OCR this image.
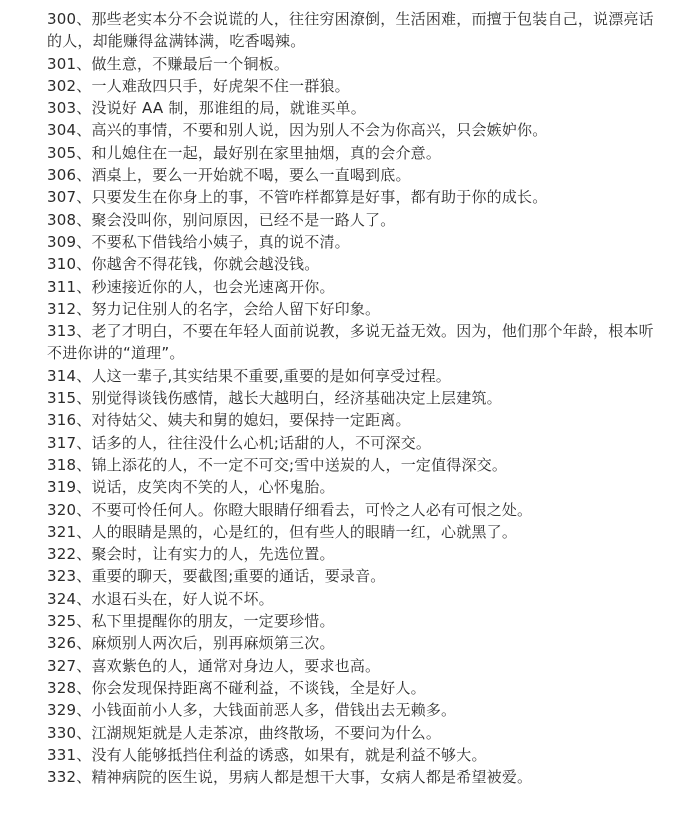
300、那些老实本分不会说谎的人，往往穷困潦倒，生活困难，而擅于包装自己，说漂亮话的人，却能赚得盆满钵满，吃香喝辣。

301、做生意，不赚最后一个铜板。

302、一人难敌四只手，好虎架不住一群狼。

303、没说好 AA 制，那谁组的局，就谁买单。

304、高兴的事情，不要和别人说，因为别人不会为你高兴，只会嫉妒你。

305、和儿媳住在一起，最好别在家里抽烟，真的会介意。

306、酒桌上，要么一开始就不喝，要么一直喝到底。

307、只要发生在你身上的事，不管咋样都算是好事，都有助于你的成长。

308、聚会没叫你，别问原因，已经不是一路人了。

309、不要私下借钱给小姨子，真的说不清。

310、你越舍不得花钱，你就会越没钱。

311、秒速接近你的人，也会光速离开你。

312、努力记住别人的名字，会给人留下好印象。

313、老了才明白，不要在年轻人面前说教，多说无益无效。因为，他们那个年龄，根本听不进你讲的“道理”。

314、人这一辈子,其实结果不重要,重要的是如何享受过程。

315、别觉得谈钱伤感情，越长大越明白，经济基础决定上层建筑。

316、对待姑父、姨夫和舅的媳妇，要保持一定距离。

317、话多的人，往往没什么心机;话甜的人，不可深交。

318、锦上添花的人，不一定不可交;雪中送炭的人，一定值得深交。

319、说话，皮笑肉不笑的人，心怀鬼胎。

320、不要可怜任何人。你瞪大眼睛仔细看去，可怜之人必有可恨之处。

321、人的眼睛是黑的，心是红的，但有些人的眼睛一红，心就黑了。

322、聚会时，让有实力的人，先选位置。

323、重要的聊天，要截图;重要的通话，要录音。

324、水退石头在，好人说不坏。

325、私下里提醒你的朋友，一定要珍惜。

326、麻烦别人两次后，别再麻烦第三次。

327、喜欢紫色的人，通常对身边人，要求也高。

328、你会发现保持距离不碰利益，不谈钱，全是好人。

329、小钱面前小人多，大钱面前恶人多，借钱出去无赖多。

330、江湖规矩就是人走茶凉，曲终散场，不要问为什么。

331、没有人能够抵挡住利益的诱惑，如果有，就是利益不够大。

332、精神病院的医生说，男病人都是想干大事，女病人都是希望被爱。
